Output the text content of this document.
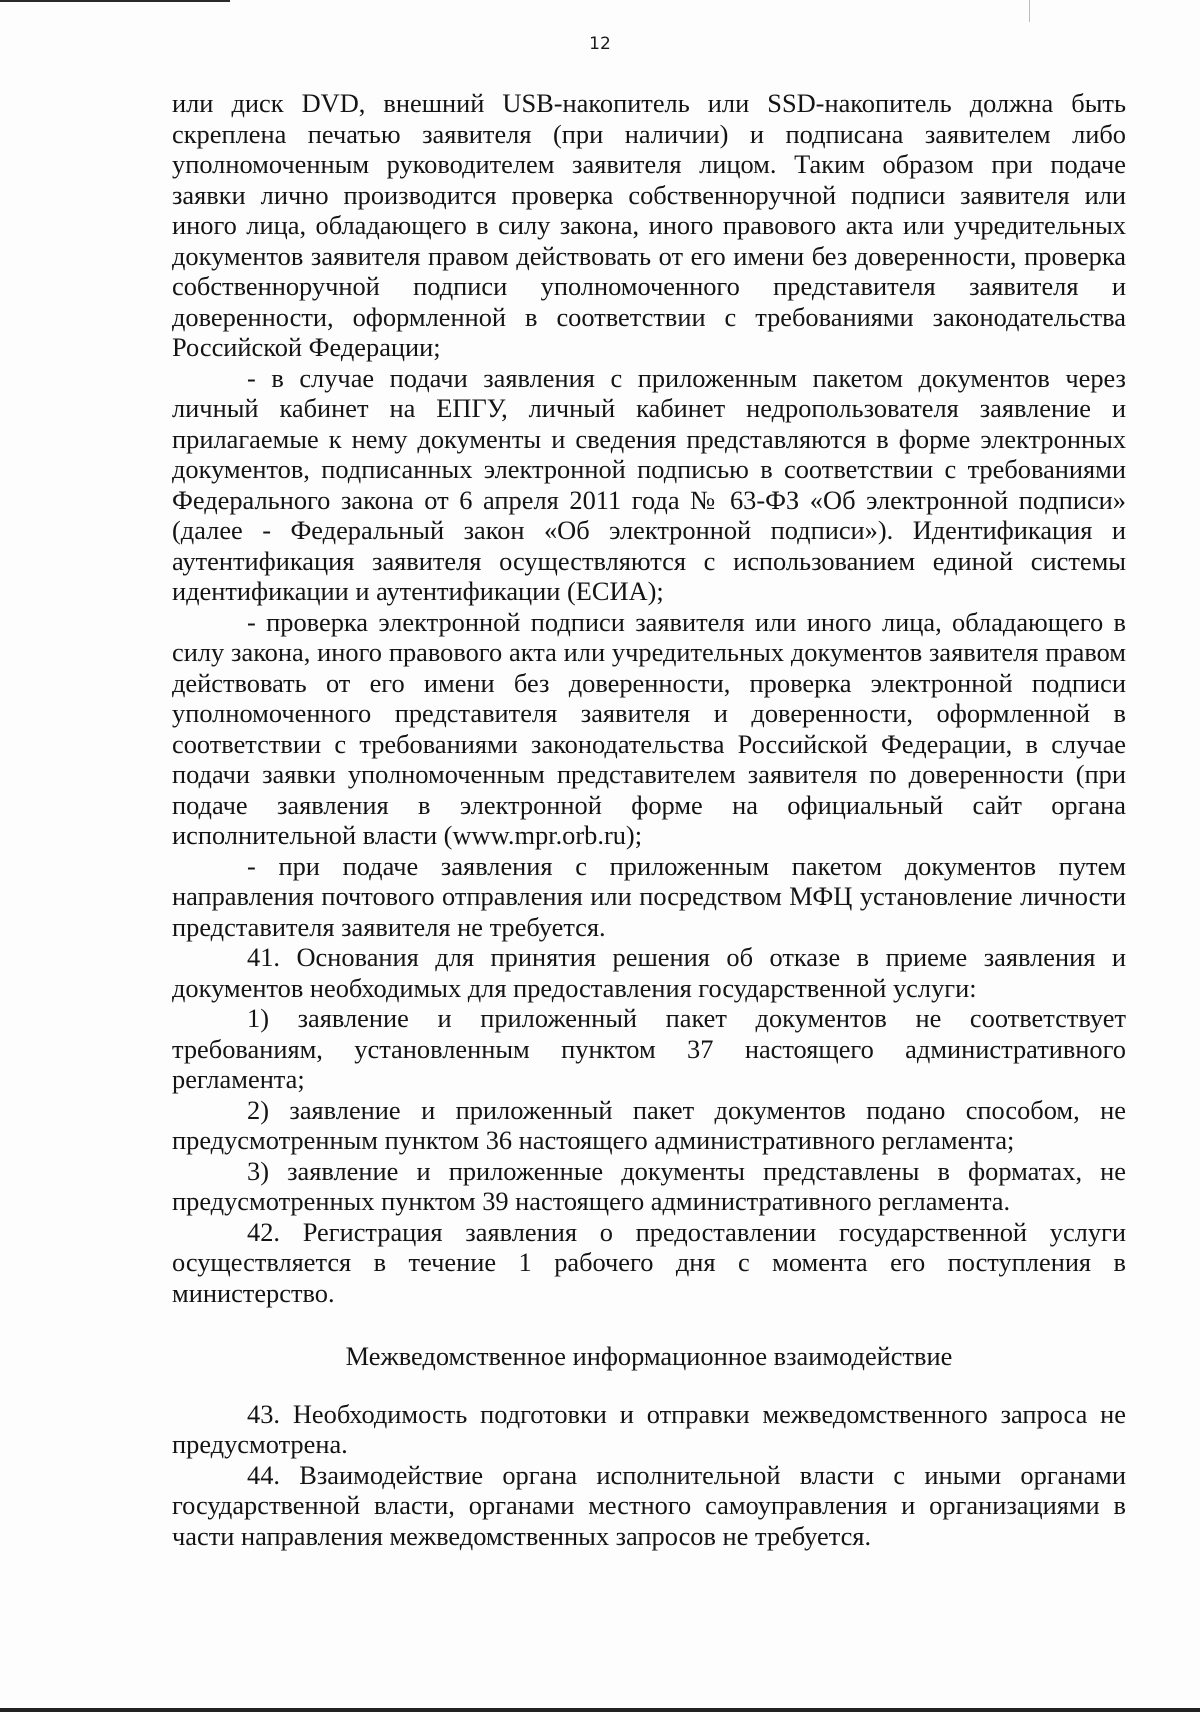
12

или диск DVD, внешний USB-накопитель или SSD-накопитель должна быть скреплена печатью заявителя (при наличии) и подписана заявителем либо уполномоченным руководителем заявителя лицом. Таким образом при подаче заявки лично производится проверка собственноручной подписи заявителя или иного лица, обладающего в силу закона, иного правового акта или учредительных документов заявителя правом действовать от его имени без доверенности, проверка собственноручной подписи уполномоченного представителя заявителя и доверенности, оформленной в соответствии с требованиями законодательства Российской Федерации;

- в случае подачи заявления с приложенным пакетом документов через личный кабинет на ЕПГУ, личный кабинет недропользователя заявление и прилагаемые к нему документы и сведения представляются в форме электронных документов, подписанных электронной подписью в соответствии с требованиями Федерального закона от 6 апреля 2011 года № 63-ФЗ «Об электронной подписи» (далее - Федеральный закон «Об электронной подписи»). Идентификация и аутентификация заявителя осуществляются с использованием единой системы идентификации и аутентификации (ЕСИА);

- проверка электронной подписи заявителя или иного лица, обладающего в силу закона, иного правового акта или учредительных документов заявителя правом действовать от его имени без доверенности, проверка электронной подписи уполномоченного представителя заявителя и доверенности, оформленной в соответствии с требованиями законодательства Российской Федерации, в случае подачи заявки уполномоченным представителем заявителя по доверенности (при подаче заявления в электронной форме на официальный сайт органа исполнительной власти (www.mpr.orb.ru);

- при подаче заявления с приложенным пакетом документов путем направления почтового отправления или посредством МФЦ установление личности представителя заявителя не требуется.

41. Основания для принятия решения об отказе в приеме заявления и документов необходимых для предоставления государственной услуги:

1) заявление и приложенный пакет документов не соответствует требованиям, установленным пунктом 37 настоящего административного регламента;

2) заявление и приложенный пакет документов подано способом, не предусмотренным пунктом 36 настоящего административного регламента;

3) заявление и приложенные документы представлены в форматах, не предусмотренных пунктом 39 настоящего административного регламента.

42. Регистрация заявления о предоставлении государственной услуги осуществляется в течение 1 рабочего дня с момента его поступления в министерство.

Межведомственное информационное взаимодействие

43. Необходимость подготовки и отправки межведомственного запроса не предусмотрена.

44. Взаимодействие органа исполнительной власти с иными органами государственной власти, органами местного самоуправления и организациями в части направления межведомственных запросов не требуется.
